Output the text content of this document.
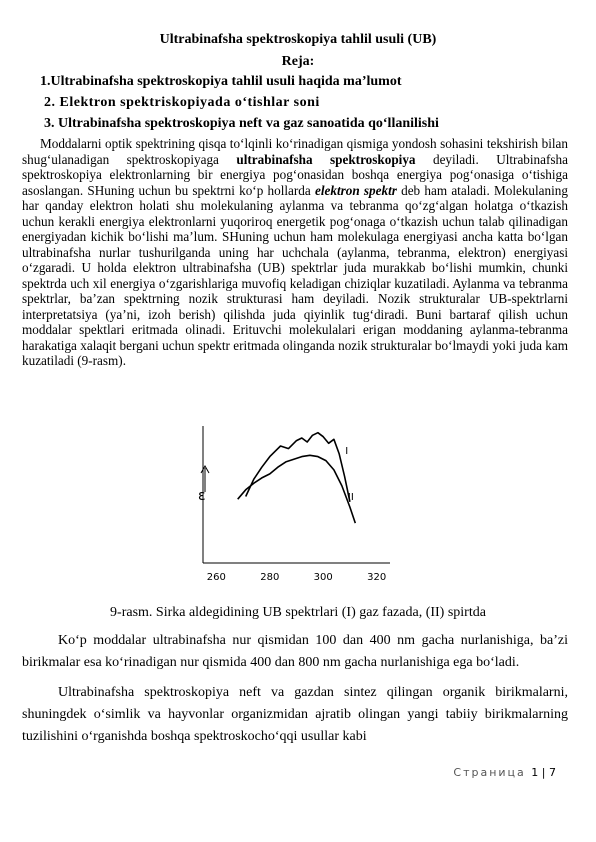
Ultrabinafsha spektroskopiya tahlil usuli (UB)
Reja:
1.Ultrabinafsha spektroskopiya tahlil usuli haqida ma’lumot
2. Elektron spektriskopiyada o‘tishlar soni
3. Ultrabinafsha spektroskopiya neft va gaz sanoatida qo‘llanilishi
Moddalarni optik spektrining qisqa to‘lqinli ko‘rinadigan qismiga yondosh sohasini tekshirish bilan shug‘ulanadigan spektroskopiyaga ultrabinafsha spektroskopiya deyiladi. Ultrabinafsha spektroskopiya elektronlarning bir energiya pog‘onasidan boshqa energiya pog‘onasiga o‘tishiga asoslangan. SHuning uchun bu spektrni ko‘p hollarda elektron spektr deb ham ataladi. Molekulaning har qanday elektron holati shu molekulaning aylanma va tebranma qo‘zg‘algan holatga o‘tkazish uchun kerakli energiya elektronlarni yuqoriroq energetik pog‘onaga o‘tkazish uchun talab qilinadigan energiyadan kichik bo‘lishi ma’lum. SHuning uchun ham molekulaga energiyasi ancha katta bo‘lgan ultrabinafsha nurlar tushurilganda uning har uchchala (aylanma, tebranma, elektron) energiyasi o‘zgaradi. U holda elektron ultrabinafsha (UB) spektrlar juda murakkab bo‘lishi mumkin, chunki spektrda uch xil energiya o‘zgarishlariga muvofiq keladigan chiziqlar kuzatiladi. Aylanma va tebranma spektrlar, ba’zan spektrning nozik strukturasi ham deyiladi. Nozik strukturalar UB-spektrlarni interpretatsiya (ya’ni, izoh berish) qilishda juda qiyinlik tug‘diradi. Buni bartaraf qilish uchun moddalar spektlari eritmada olinadi. Erituvchi molekulalari erigan moddaning aylanma-tebranma harakatiga xalaqit bergani uchun spektr eritmada olinganda nozik strukturalar bo‘lmaydi yoki juda kam kuzatiladi (9-rasm).
ε
260	280	300	320
I
II
9-rasm. Sirka aldegidining UB spektrlari (I) gaz fazada, (II) spirtda

Ko‘p moddalar ultrabinafsha nur qismidan 100 dan 400 nm gacha nurlanishiga, ba’zi birikmalar esa ko‘rinadigan nur qismida 400 dan 800 nm gacha nurlanishiga ega bo‘ladi.

Ultrabinafsha spektroskopiya neft va gazdan sintez qilingan organik birikmalarni, shuningdek o‘simlik va hayvonlar organizmidan ajratib olingan yangi tabiiy birikmalarning tuzilishini o‘rganishda boshqa spektroskocho‘qqi usullar kabi

Страница 1 | 7
